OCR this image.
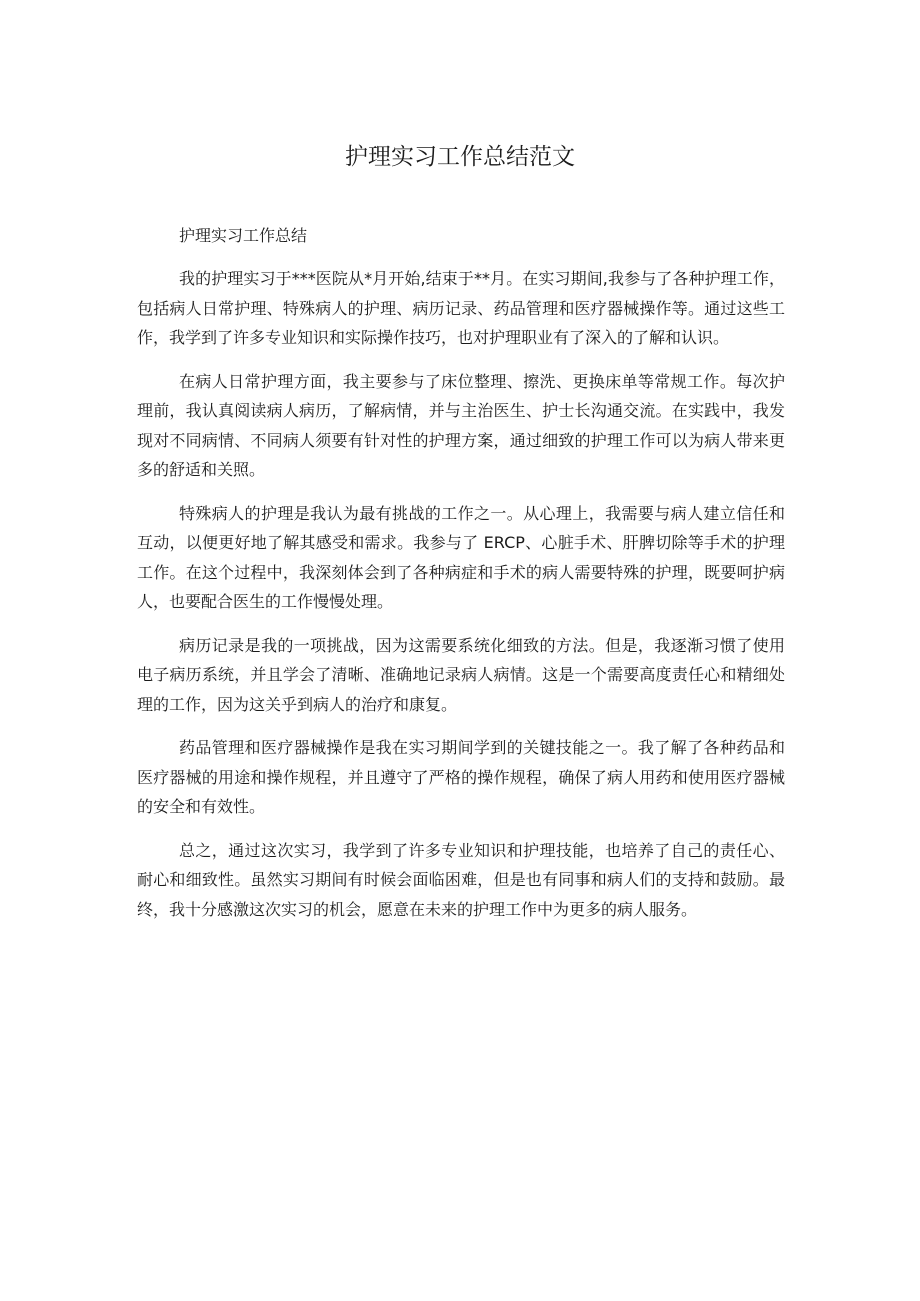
护理实习工作总结范文

护理实习工作总结

我的护理实习于***医院从*月开始,结束于**月。在实习期间,我参与了各种护理工作，包括病人日常护理、特殊病人的护理、病历记录、药品管理和医疗器械操作等。通过这些工作，我学到了许多专业知识和实际操作技巧，也对护理职业有了深入的了解和认识。

在病人日常护理方面，我主要参与了床位整理、擦洗、更换床单等常规工作。每次护理前，我认真阅读病人病历，了解病情，并与主治医生、护士长沟通交流。在实践中，我发现对不同病情、不同病人须要有针对性的护理方案，通过细致的护理工作可以为病人带来更多的舒适和关照。

特殊病人的护理是我认为最有挑战的工作之一。从心理上，我需要与病人建立信任和互动，以便更好地了解其感受和需求。我参与了 ERCP、心脏手术、肝脾切除等手术的护理工作。在这个过程中，我深刻体会到了各种病症和手术的病人需要特殊的护理，既要呵护病人，也要配合医生的工作慢慢处理。

病历记录是我的一项挑战，因为这需要系统化细致的方法。但是，我逐渐习惯了使用电子病历系统，并且学会了清晰、准确地记录病人病情。这是一个需要高度责任心和精细处理的工作，因为这关乎到病人的治疗和康复。

药品管理和医疗器械操作是我在实习期间学到的关键技能之一。我了解了各种药品和医疗器械的用途和操作规程，并且遵守了严格的操作规程，确保了病人用药和使用医疗器械的安全和有效性。

总之，通过这次实习，我学到了许多专业知识和护理技能，也培养了自己的责任心、耐心和细致性。虽然实习期间有时候会面临困难，但是也有同事和病人们的支持和鼓励。最终，我十分感激这次实习的机会，愿意在未来的护理工作中为更多的病人服务。
